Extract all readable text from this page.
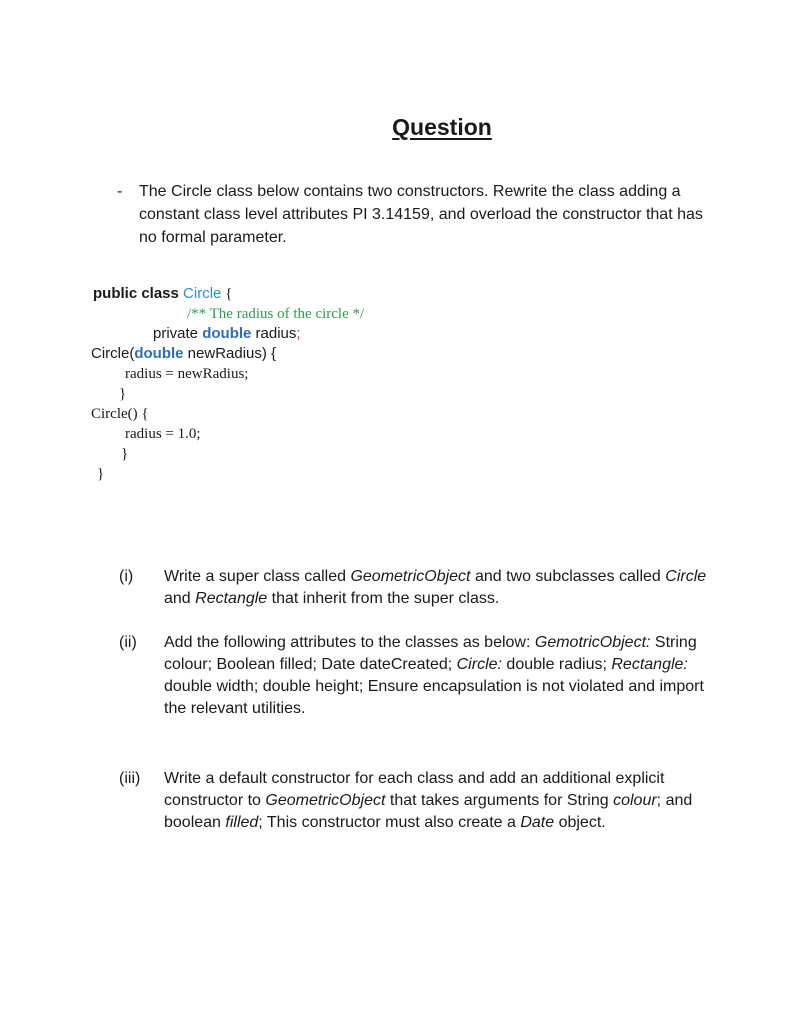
Question
- The Circle class below contains two constructors. Rewrite the class adding a constant class level attributes PI 3.14159, and overload the constructor that has no formal parameter.
public class Circle {
/** The radius of the circle */
private double radius;
Circle(double newRadius) {
radius = newRadius;
}
Circle() {
radius = 1.0;
}
}
(i) Write a super class called GeometricObject and two subclasses called Circle and Rectangle that inherit from the super class.
(ii) Add the following attributes to the classes as below: GemotricObject: String colour; Boolean filled; Date dateCreated; Circle: double radius; Rectangle: double width; double height; Ensure encapsulation is not violated and import the relevant utilities.
(iii) Write a default constructor for each class and add an additional explicit constructor to GeometricObject that takes arguments for String colour; and boolean filled; This constructor must also create a Date object.
